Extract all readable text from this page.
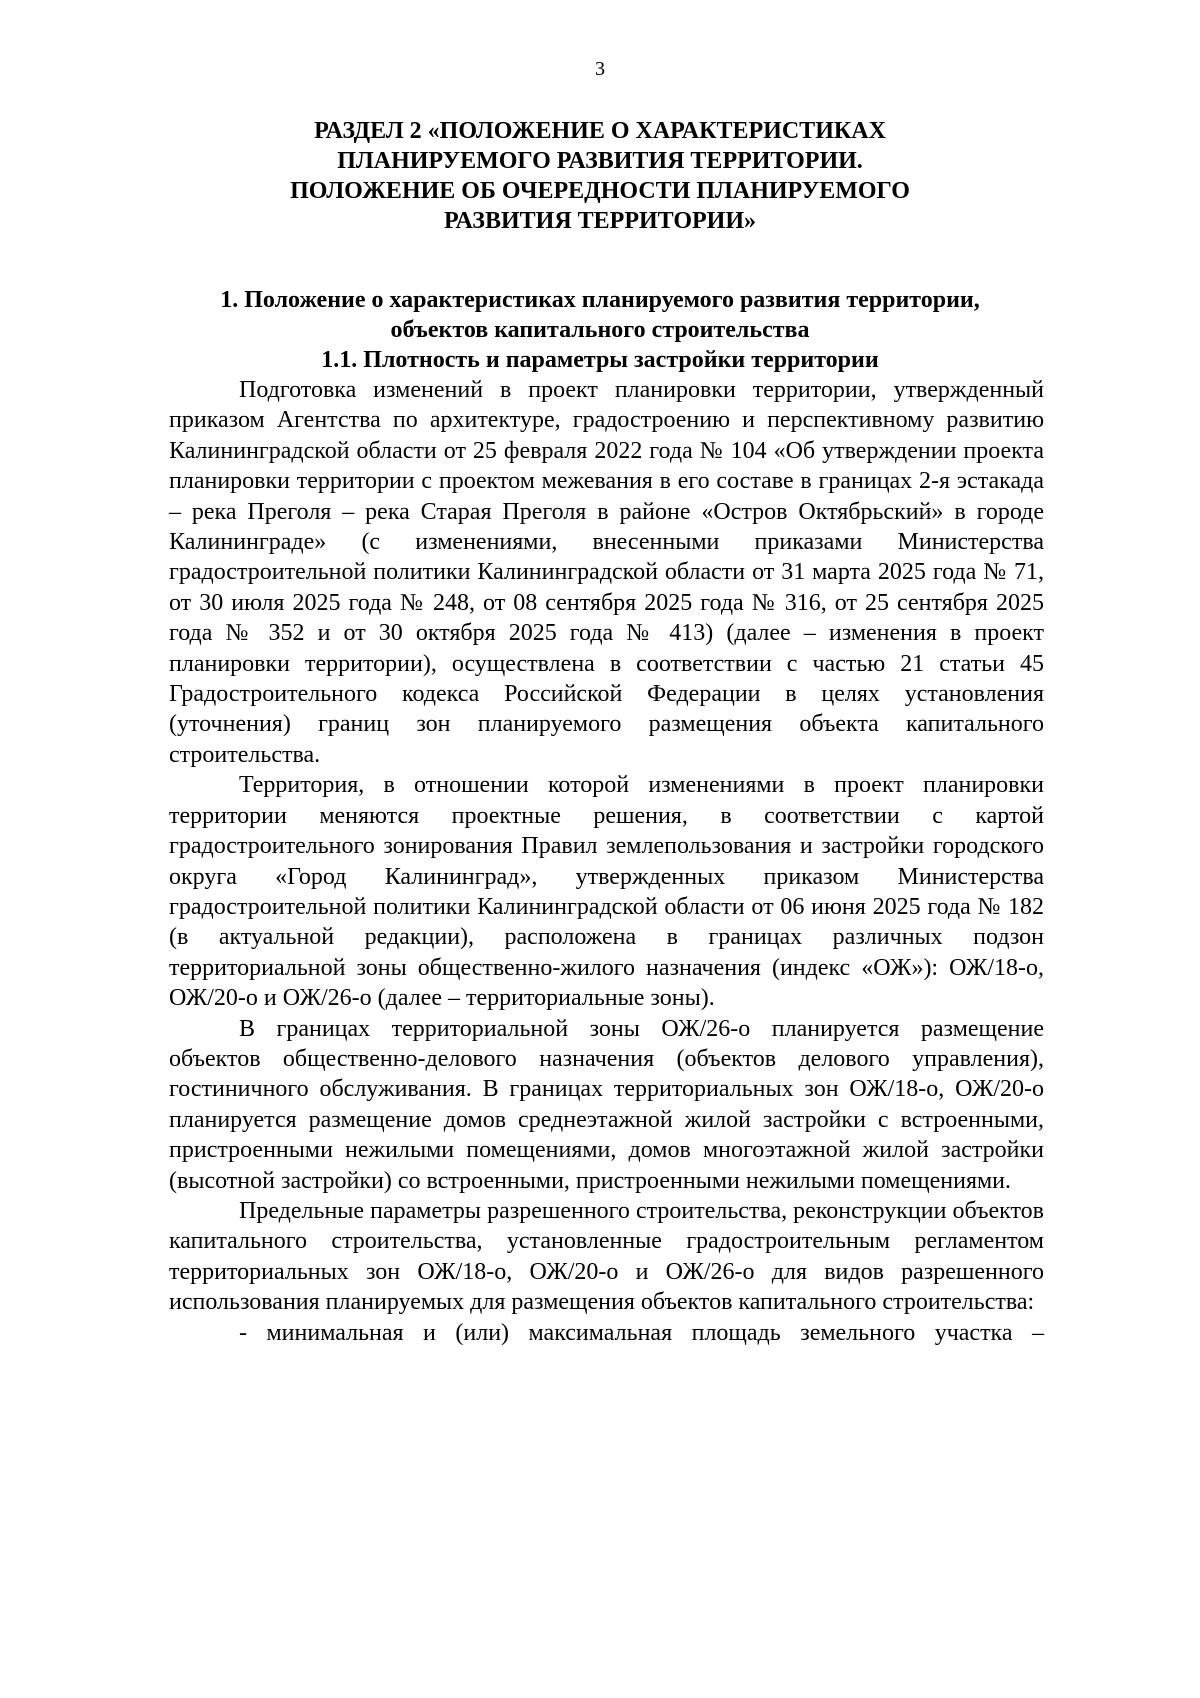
3
РАЗДЕЛ 2 «ПОЛОЖЕНИЕ О ХАРАКТЕРИСТИКАХ
ПЛАНИРУЕМОГО РАЗВИТИЯ ТЕРРИТОРИИ.
ПОЛОЖЕНИЕ ОБ ОЧЕРЕДНОСТИ ПЛАНИРУЕМОГО
РАЗВИТИЯ ТЕРРИТОРИИ»
1. Положение о характеристиках планируемого развития территории,
объектов капитального строительства
1.1. Плотность и параметры застройки территории

Подготовка изменений в проект планировки территории, утвержденный приказом Агентства по архитектуре, градостроению и перспективному развитию Калининградской области от 25 февраля 2022 года № 104 «Об утверждении проекта планировки территории с проектом межевания в его составе в границах 2-я эстакада – река Преголя – река Старая Преголя в районе «Остров Октябрьский» в городе Калининграде» (с изменениями, внесенными приказами Министерства градостроительной политики Калининградской области от 31 марта 2025 года № 71, от 30 июля 2025 года № 248, от 08 сентября 2025 года № 316, от 25 сентября 2025 года № 352 и от 30 октября 2025 года № 413) (далее – изменения в проект планировки территории), осуществлена в соответствии с частью 21 статьи 45 Градостроительного кодекса Российской Федерации в целях установления (уточнения) границ зон планируемого размещения объекта капитального строительства.

Территория, в отношении которой изменениями в проект планировки территории меняются проектные решения, в соответствии с картой градостроительного зонирования Правил землепользования и застройки городского округа «Город Калининград», утвержденных приказом Министерства градостроительной политики Калининградской области от 06 июня 2025 года № 182 (в актуальной редакции), расположена в границах различных подзон территориальной зоны общественно-жилого назначения (индекс «ОЖ»): ОЖ/18-о, ОЖ/20-о и ОЖ/26-о (далее – территориальные зоны).

В границах территориальной зоны ОЖ/26-о планируется размещение объектов общественно-делового назначения (объектов делового управления), гостиничного обслуживания. В границах территориальных зон ОЖ/18-о, ОЖ/20-о планируется размещение домов среднеэтажной жилой застройки с встроенными, пристроенными нежилыми помещениями, домов многоэтажной жилой застройки (высотной застройки) со встроенными, пристроенными нежилыми помещениями.

Предельные параметры разрешенного строительства, реконструкции объектов капитального строительства, установленные градостроительным регламентом территориальных зон ОЖ/18-о, ОЖ/20-о и ОЖ/26-о для видов разрешенного использования планируемых для размещения объектов капитального строительства:

- минимальная и (или) максимальная площадь земельного участка –
